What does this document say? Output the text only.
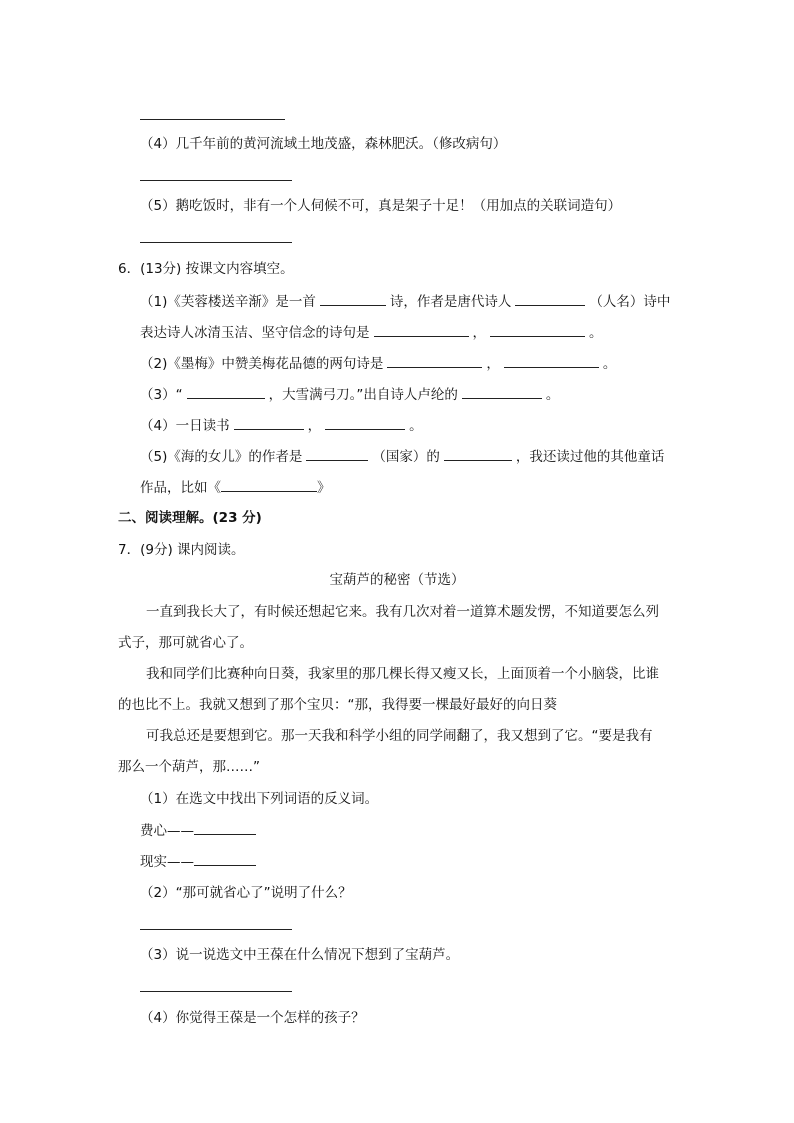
（4）几千年前的黄河流域土地茂盛，森林肥沃。（修改病句）
（5）鹅吃饭时，非有一个人伺候不可，真是架子十足！（用加点的关联词造句）
6．(13分) 按课文内容填空。
（1)《芙蓉楼送辛渐》是一首	诗，作者是唐代诗人	（人名）诗中
表达诗人冰清玉洁、坚守信念的诗句是	，	。
（2)《墨梅》中赞美梅花品德的两句诗是	，	。
（3）“	，大雪满弓刀。”出自诗人卢纶的	。
（4）一日读书	，	。
（5)《海的女儿》的作者是	（国家）的	，我还读过他的其他童话
作品，比如《	》
二、阅读理解。(23 分)
7．(9分) 课内阅读。
宝葫芦的秘密（节选）
一直到我长大了，有时候还想起它来。我有几次对着一道算术题发愣，不知道要怎么列
式子，那可就省心了。
我和同学们比赛种向日葵，我家里的那几棵长得又瘦又长，上面顶着一个小脑袋，比谁
的也比不上。我就又想到了那个宝贝：“那，我得要一棵最好最好的向日葵
可我总还是要想到它。那一天我和科学小组的同学闹翻了，我又想到了它。“要是我有
那么一个葫芦，那……”
（1）在选文中找出下列词语的反义词。
费心——
现实——
（2）“那可就省心了”说明了什么？
（3）说一说选文中王葆在什么情况下想到了宝葫芦。
（4）你觉得王葆是一个怎样的孩子？
